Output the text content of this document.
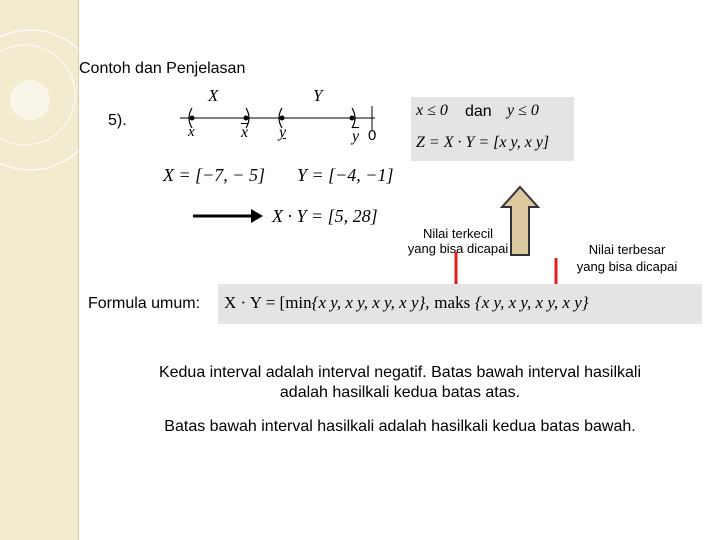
Contoh dan Penjelasan
5).
X	Y
x	$\overline{x}$ y	$\overline{y}$ 0
X = [−7, − 5] Y = [−4, −1]
X · Y = [5, 28]
x ≤ 0 dan y ≤ 0
Z = X · Y = [x y, x y]
Nilai terkecil
yang bisa dicapai	Nilai terbesar
yang bisa dicapai
Formula umum: X · Y = [min{x y, x y, x y, x y}, maks {x y, x y, x y, x y}
Kedua interval adalah interval negatif. Batas bawah interval hasilkali
adalah hasilkali kedua batas atas.
Batas bawah interval hasilkali adalah hasilkali kedua batas bawah.
